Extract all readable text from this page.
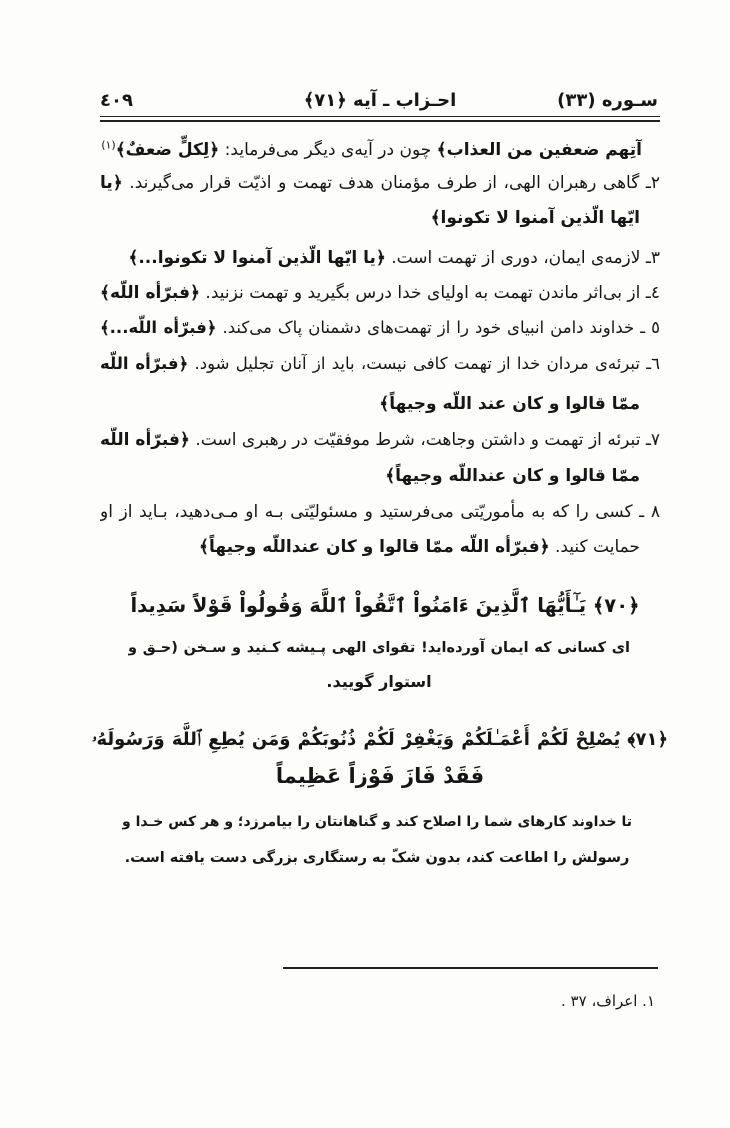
سـوره (۳۳)
احـزاب ـ آیه ﴿۷۱﴾
٤٠٩
آتِهم ضعفين من العذاب﴾ چون در آیه‌ی دیگر می‌فرماید: ﴿لِكلٍّ ضعفٌ﴾$^{(۱)}$
۲ـ گاهی رهبران الهی، از طرف مؤمنان هدف تهمت و اذیّت قرار می‌گیرند. ﴿یا
ایّها الّذین آمنوا لا تکونوا﴾
۳ـ لازمه‌ی ایمان، دوری از تهمت است. ﴿یا ایّها الّذین آمنوا لا تکونوا...﴾
٤ـ از بی‌اثر ماندن تهمت به اولیای خدا درس بگیرید و تهمت نزنید. ﴿فبرّأه اللّه﴾
٥ ـ خداوند دامن انبیای خود را از تهمت‌های دشمنان پاک می‌کند. ﴿فبرّأه اللّه...﴾
٦ـ تبرئه‌ی مردان خدا از تهمت کافی نیست، باید از آنان تجلیل شود. ﴿فبرّأه اللّه
ممّا قالوا و کان عند اللّه وجیهاً﴾
۷ـ تبرئه از تهمت و داشتن وجاهت، شرط موفقیّت در رهبری است. ﴿فبرّأه اللّه
ممّا قالوا و کان عنداللّه وجیهاً﴾
۸ ـ کسی را که به مأموریّتی می‌فرستید و مسئولیّتی بـه او مـی‌دهید، بـاید از او
حمایت کنید. ﴿فبرّأه اللّه ممّا قالوا و کان عنداللّه وجیهاً﴾
﴿۷۰﴾ يَـٰٓأَيُّهَا ٱلَّذِينَ ءَامَنُواْ ٱتَّقُواْ ٱللَّهَ وَقُولُواْ قَوْلاً سَدِيداً
ای کسانی که ایمان آورده‌اید! تقوای الهی پـیشه کـنید و سـخن (حـق و
استوار گویید.
﴿۷۱﴾ يُصْلِحْ لَكُمْ أَعْمَـٰلَكُمْ وَيَغْفِرْ لَكُمْ ذُنُوبَكُمْ وَمَن يُطِعِ ٱللَّهَ وَرَسُولَهُۥ
فَقَدْ فَازَ فَوْزاً عَظِيماً
تا خداوند کارهای شما را اصلاح کند و گناهانتان را بیامرزد؛ و هر کس خـدا و
رسولش را اطاعت کند، بدون شکّ به رستگاری بزرگی دست یافته است.
١. اعراف، ٣٧ .
